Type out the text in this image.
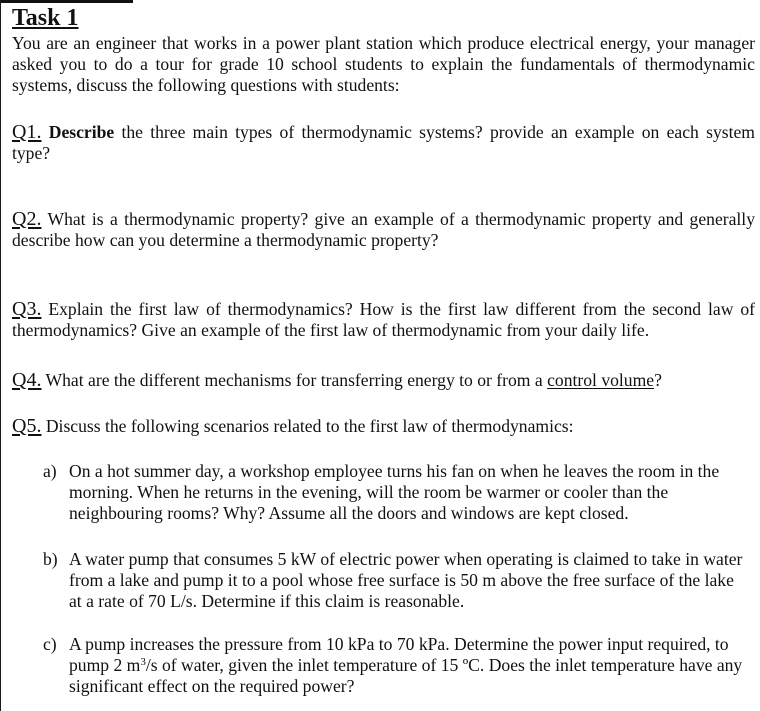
Task 1

You are an engineer that works in a power plant station which produce electrical energy, your manager asked you to do a tour for grade 10 school students to explain the fundamentals of thermodynamic systems, discuss the following questions with students:

Q1. Describe the three main types of thermodynamic systems? provide an example on each system type?

Q2. What is a thermodynamic property? give an example of a thermodynamic property and generally describe how can you determine a thermodynamic property?

Q3. Explain the first law of thermodynamics? How is the first law different from the second law of thermodynamics? Give an example of the first law of thermodynamic from your daily life.

Q4. What are the different mechanisms for transferring energy to or from a control volume?

Q5. Discuss the following scenarios related to the first law of thermodynamics:

a) On a hot summer day, a workshop employee turns his fan on when he leaves the room in the morning. When he returns in the evening, will the room be warmer or cooler than the neighbouring rooms? Why? Assume all the doors and windows are kept closed.
b) A water pump that consumes 5 kW of electric power when operating is claimed to take in water from a lake and pump it to a pool whose free surface is 50 m above the free surface of the lake at a rate of 70 L/s. Determine if this claim is reasonable.
c) A pump increases the pressure from 10 kPa to 70 kPa. Determine the power input required, to pump 2 $m^3/s$ of water, given the inlet temperature of 15 ºC. Does the inlet temperature have any significant effect on the required power?
